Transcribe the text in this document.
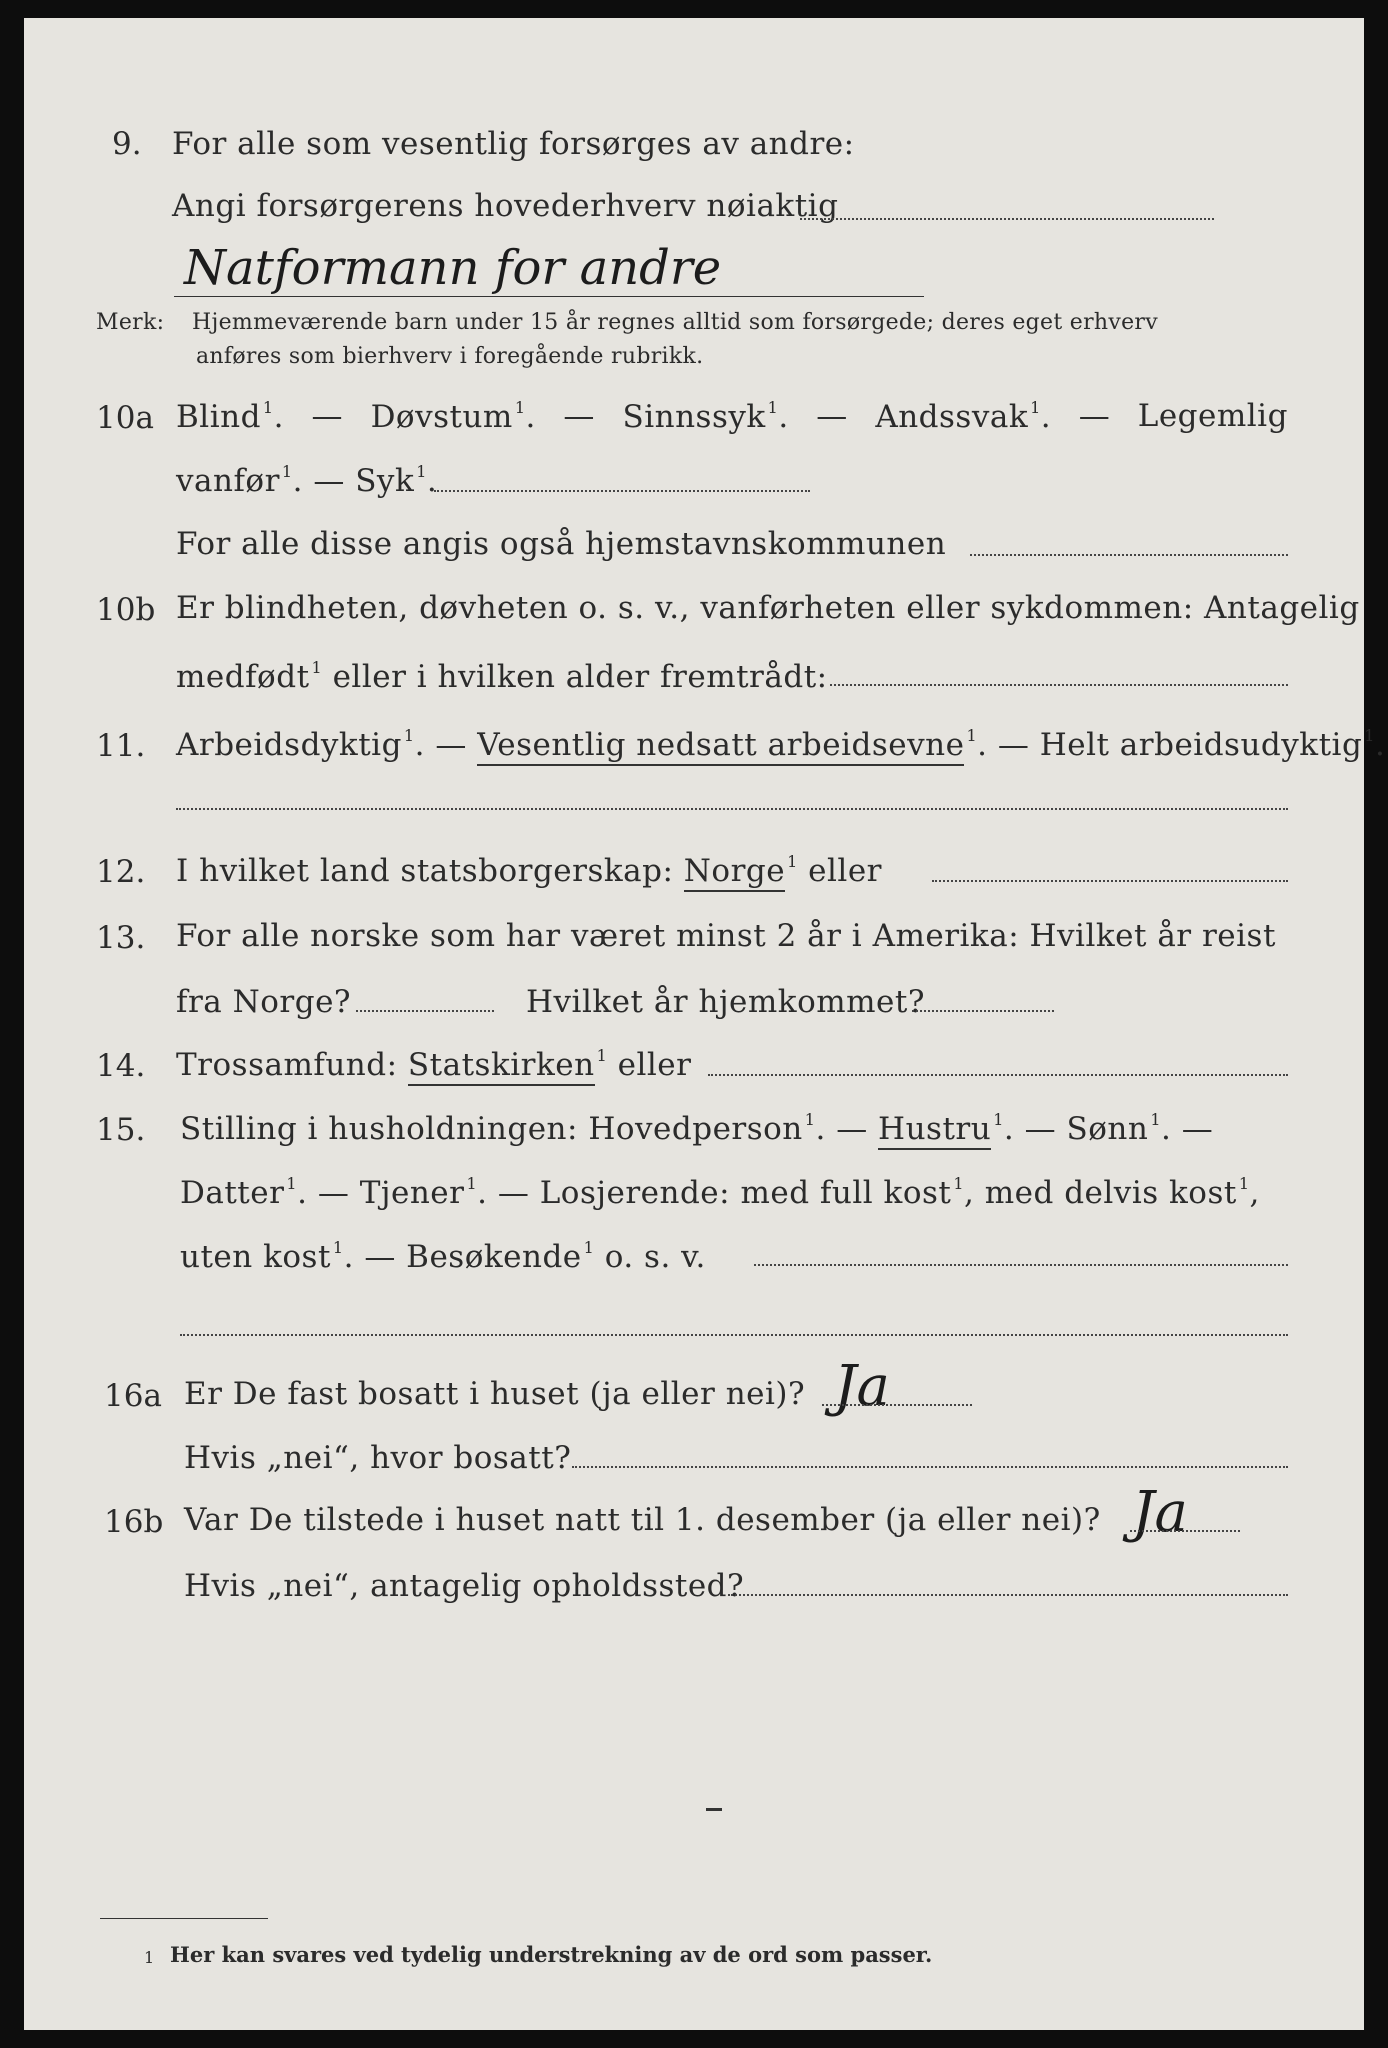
9. For alle som vesentlig forsørges av andre:
Angi forsørgerens hovederhverv nøiaktig
Natformann for andre
Merk: Hjemmeværende barn under 15 år regnes alltid som forsørgede; deres eget erhverv
anføres som bierhverv i foregående rubrikk.
10a Blind $^1$. — Døvstum $^1$. — Sinnssyk $^1$. — Andssvak $^1$. — Legemlig
vanfør $^1$. — Syk $^1$.
For alle disse angis også hjemstavnskommunen
10b Er blindheten, døvheten o. s. v., vanførheten eller sykdommen: Antagelig
medfødt $^1$ eller i hvilken alder fremtrådt:
11. Arbeidsdyktig $^1$. — Vesentlig nedsatt arbeidsevne $^1$. — Helt arbeidsudyktig $^1$.
12. I hvilket land statsborgerskap: Norge $^1$ eller
13. For alle norske som har været minst 2 år i Amerika: Hvilket år reist
fra Norge?	Hvilket år hjemkommet?
14. Trossamfund: Statskirken $^1$ eller
15. Stilling i husholdningen: Hovedperson $^1$. — Hustru $^1$. — Sønn $^1$. —
Datter $^1$. — Tjener $^1$. — Losjerende: med full kost $^1$, med delvis kost $^1$,
uten kost $^1$. — Besøkende $^1$ o. s. v.
16a Er De fast bosatt i huset (ja eller nei)? Ja
Hvis „nei“, hvor bosatt?
16b Var De tilstede i huset natt til 1. desember (ja eller nei)? Ja
Hvis „nei“, antagelig opholdssted?
1 Her kan svares ved tydelig understrekning av de ord som passer.
